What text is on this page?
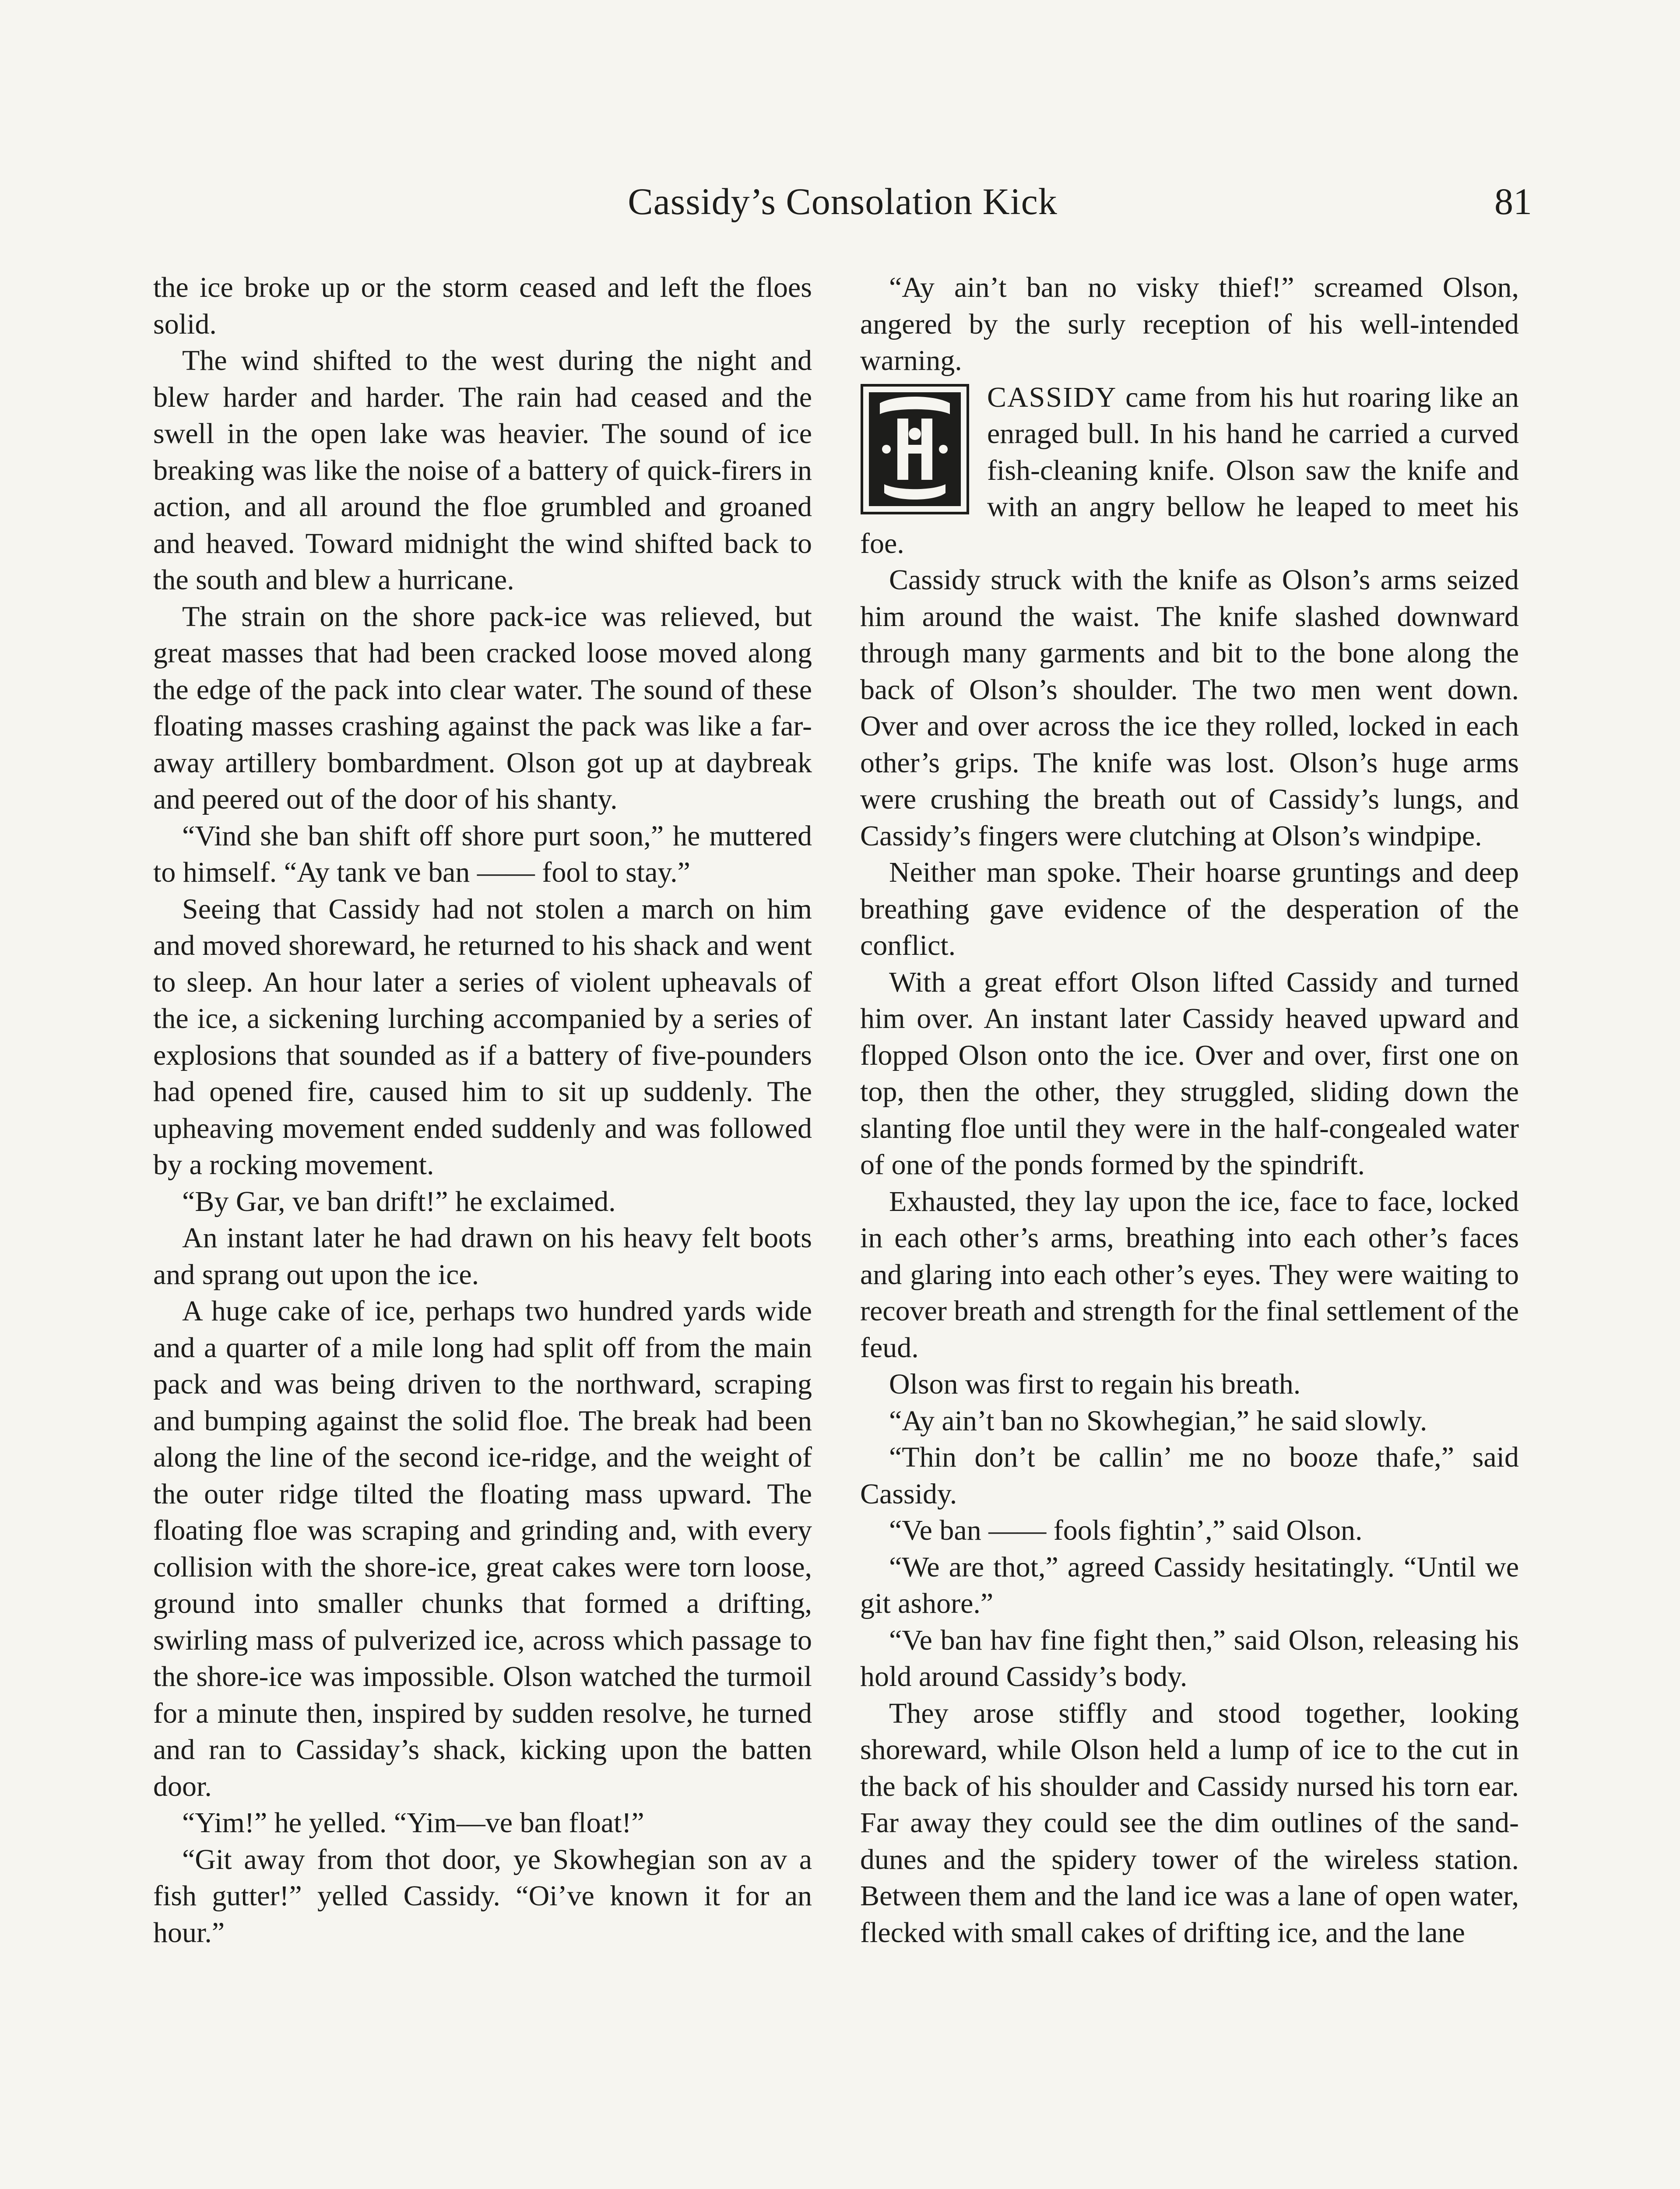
Cassidy’s Consolation Kick	81

the ice broke up or the storm ceased and left the floes solid.

The wind shifted to the west during the night and blew harder and harder. The rain had ceased and the swell in the open lake was heavier. The sound of ice breaking was like the noise of a battery of quick-firers in action, and all around the floe grumbled and groaned and heaved. Toward midnight the wind shifted back to the south and blew a hurricane.

The strain on the shore pack-ice was relieved, but great masses that had been cracked loose moved along the edge of the pack into clear water. The sound of these floating masses crashing against the pack was like a far-away artillery bombardment. Olson got up at daybreak and peered out of the door of his shanty.

“Vind she ban shift off shore purt soon,” he muttered to himself. “Ay tank ve ban —— fool to stay.”

Seeing that Cassidy had not stolen a march on him and moved shoreward, he returned to his shack and went to sleep. An hour later a series of violent upheavals of the ice, a sickening lurching accompanied by a series of explosions that sounded as if a battery of five-pounders had opened fire, caused him to sit up suddenly. The upheaving movement ended suddenly and was followed by a rocking movement.

“By Gar, ve ban drift!” he exclaimed.

An instant later he had drawn on his heavy felt boots and sprang out upon the ice.

A huge cake of ice, perhaps two hundred yards wide and a quarter of a mile long had split off from the main pack and was being driven to the northward, scraping and bumping against the solid floe. The break had been along the line of the second ice-ridge, and the weight of the outer ridge tilted the floating mass upward. The floating floe was scraping and grinding and, with every collision with the shore-ice, great cakes were torn loose, ground into smaller chunks that formed a drifting, swirling mass of pulverized ice, across which passage to the shore-ice was impossible. Olson watched the turmoil for a minute then, inspired by sudden resolve, he turned and ran to Cassiday’s shack, kicking upon the batten door.

“Yim!” he yelled. “Yim—ve ban float!”

“Git away from thot door, ye Skowhegian son av a fish gutter!” yelled Cassidy. “Oi’ve known it for an hour.”

“Ay ain’t ban no visky thief!” screamed Olson, angered by the surly reception of his well-intended warning.

CASSIDY came from his hut roaring like an enraged bull. In his hand he carried a curved fish-cleaning knife. Olson saw the knife and with an angry bellow he leaped to meet his foe.

Cassidy struck with the knife as Olson’s arms seized him around the waist. The knife slashed downward through many garments and bit to the bone along the back of Olson’s shoulder. The two men went down. Over and over across the ice they rolled, locked in each other’s grips. The knife was lost. Olson’s huge arms were crushing the breath out of Cassidy’s lungs, and Cassidy’s fingers were clutching at Olson’s windpipe.

Neither man spoke. Their hoarse gruntings and deep breathing gave evidence of the desperation of the conflict.

With a great effort Olson lifted Cassidy and turned him over. An instant later Cassidy heaved upward and flopped Olson onto the ice. Over and over, first one on top, then the other, they struggled, sliding down the slanting floe until they were in the half-congealed water of one of the ponds formed by the spindrift.

Exhausted, they lay upon the ice, face to face, locked in each other’s arms, breathing into each other’s faces and glaring into each other’s eyes. They were waiting to recover breath and strength for the final settlement of the feud.

Olson was first to regain his breath.

“Ay ain’t ban no Skowhegian,” he said slowly.

“Thin don’t be callin’ me no booze thafe,” said Cassidy.

“Ve ban —— fools fightin’,” said Olson.

“We are thot,” agreed Cassidy hesitatingly. “Until we git ashore.”

“Ve ban hav fine fight then,” said Olson, releasing his hold around Cassidy’s body.

They arose stiffly and stood together, looking shoreward, while Olson held a lump of ice to the cut in the back of his shoulder and Cassidy nursed his torn ear. Far away they could see the dim outlines of the sand-dunes and the spidery tower of the wireless station. Between them and the land ice was a lane of open water, flecked with small cakes of drifting ice, and the lane
